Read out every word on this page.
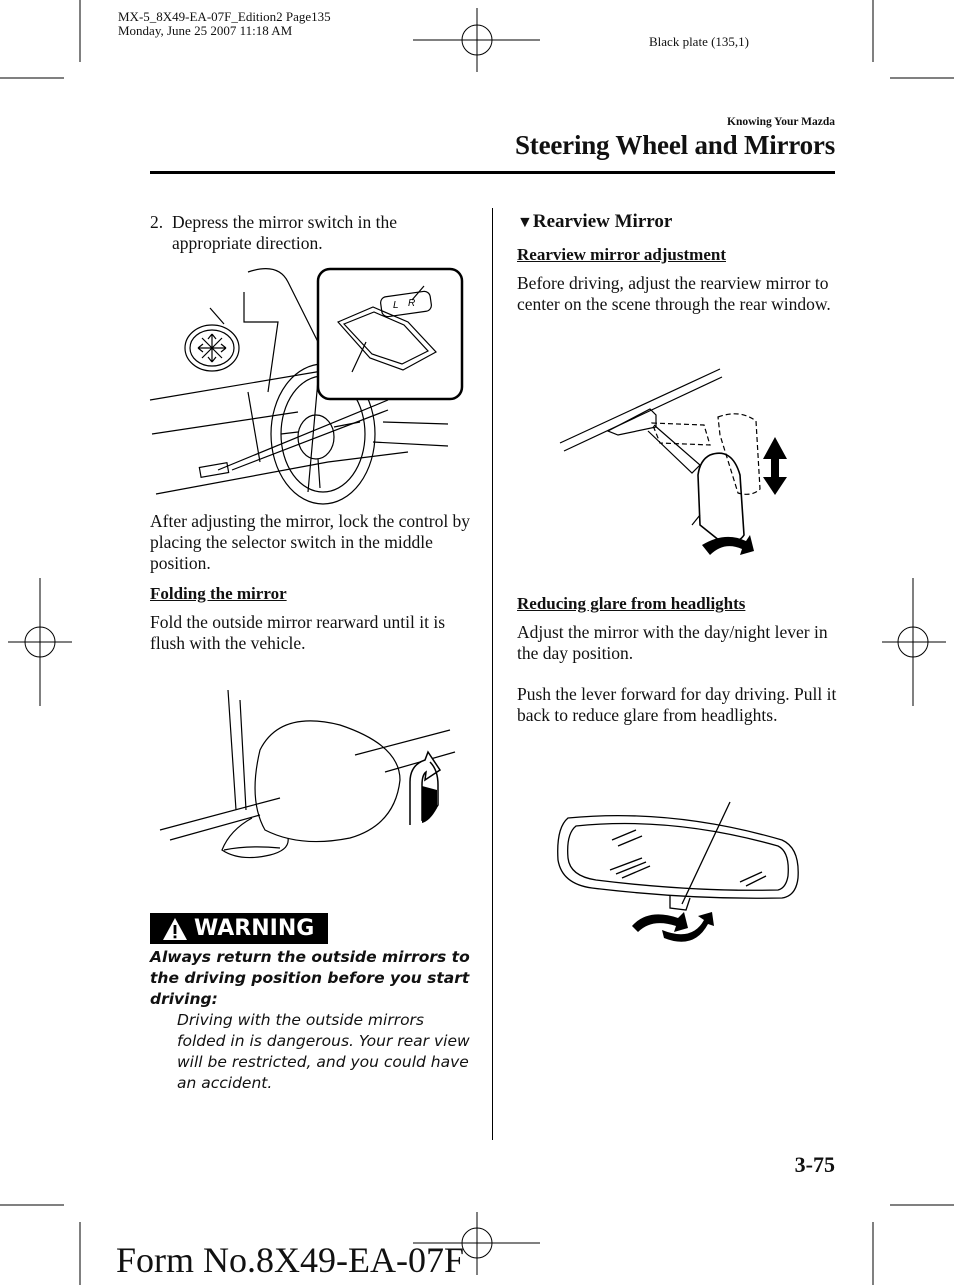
MX-5_8X49-EA-07F_Edition2 Page135
Monday, June 25 2007 11:18 AM
Black plate (135,1)
Knowing Your Mazda
Steering Wheel and Mirrors
2. Depress the mirror switch in the appropriate direction.
L R
After adjusting the mirror, lock the control by placing the selector switch in the middle position.
Folding the mirror
Fold the outside mirror rearward until it is flush with the vehicle.
WARNING
Always return the outside mirrors to the driving position before you start driving:
Driving with the outside mirrors folded in is dangerous. Your rear view will be restricted, and you could have an accident.
▼Rearview Mirror
Rearview mirror adjustment
Before driving, adjust the rearview mirror to center on the scene through the rear window.
Reducing glare from headlights
Adjust the mirror with the day/night lever in the day position.
Push the lever forward for day driving. Pull it back to reduce glare from headlights.
3-75
Form No.8X49-EA-07F
